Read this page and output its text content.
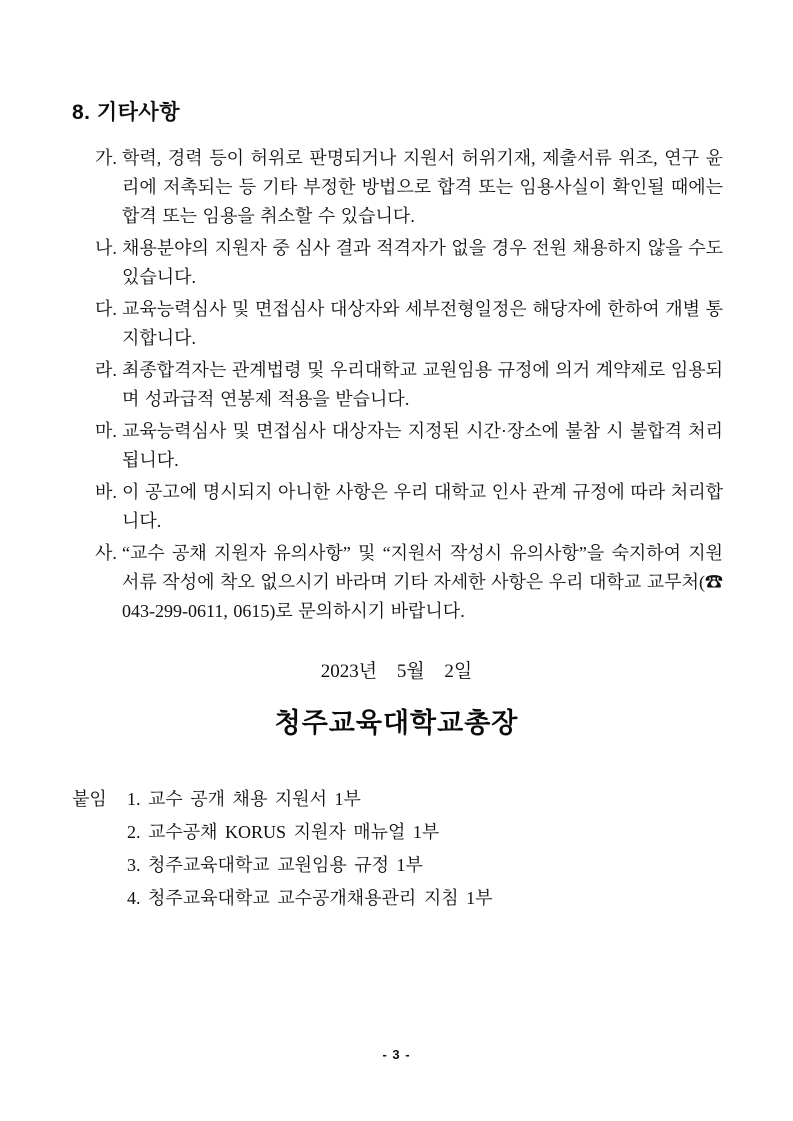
8. 기타사항
가. 학력, 경력 등이 허위로 판명되거나 지원서 허위기재, 제출서류 위조, 연구 윤리에 저촉되는 등 기타 부정한 방법으로 합격 또는 임용사실이 확인될 때에는 합격 또는 임용을 취소할 수 있습니다.
나. 채용분야의 지원자 중 심사 결과 적격자가 없을 경우 전원 채용하지 않을 수도 있습니다.
다. 교육능력심사 및 면접심사 대상자와 세부전형일정은 해당자에 한하여 개별 통지합니다.
라. 최종합격자는 관계법령 및 우리대학교 교원임용 규정에 의거 계약제로 임용되며 성과급적 연봉제 적용을 받습니다.
마. 교육능력심사 및 면접심사 대상자는 지정된 시간·장소에 불참 시 불합격 처리 됩니다.
바. 이 공고에 명시되지 아니한 사항은 우리 대학교 인사 관계 규정에 따라 처리합니다.
사. “교수 공채 지원자 유의사항” 및 “지원서 작성시 유의사항”을 숙지하여 지원 서류 작성에 착오 없으시기 바라며 기타 자세한 사항은 우리 대학교 교무처(☎ 043-299-0611, 0615)로 문의하시기 바랍니다.
2023년 5월 2일
청주교육대학교총장
붙임	1. 교수 공개 채용 지원서 1부
2. 교수공채 KORUS 지원자 매뉴얼 1부
3. 청주교육대학교 교원임용 규정 1부
4. 청주교육대학교 교수공개채용관리 지침 1부
- 3 -
